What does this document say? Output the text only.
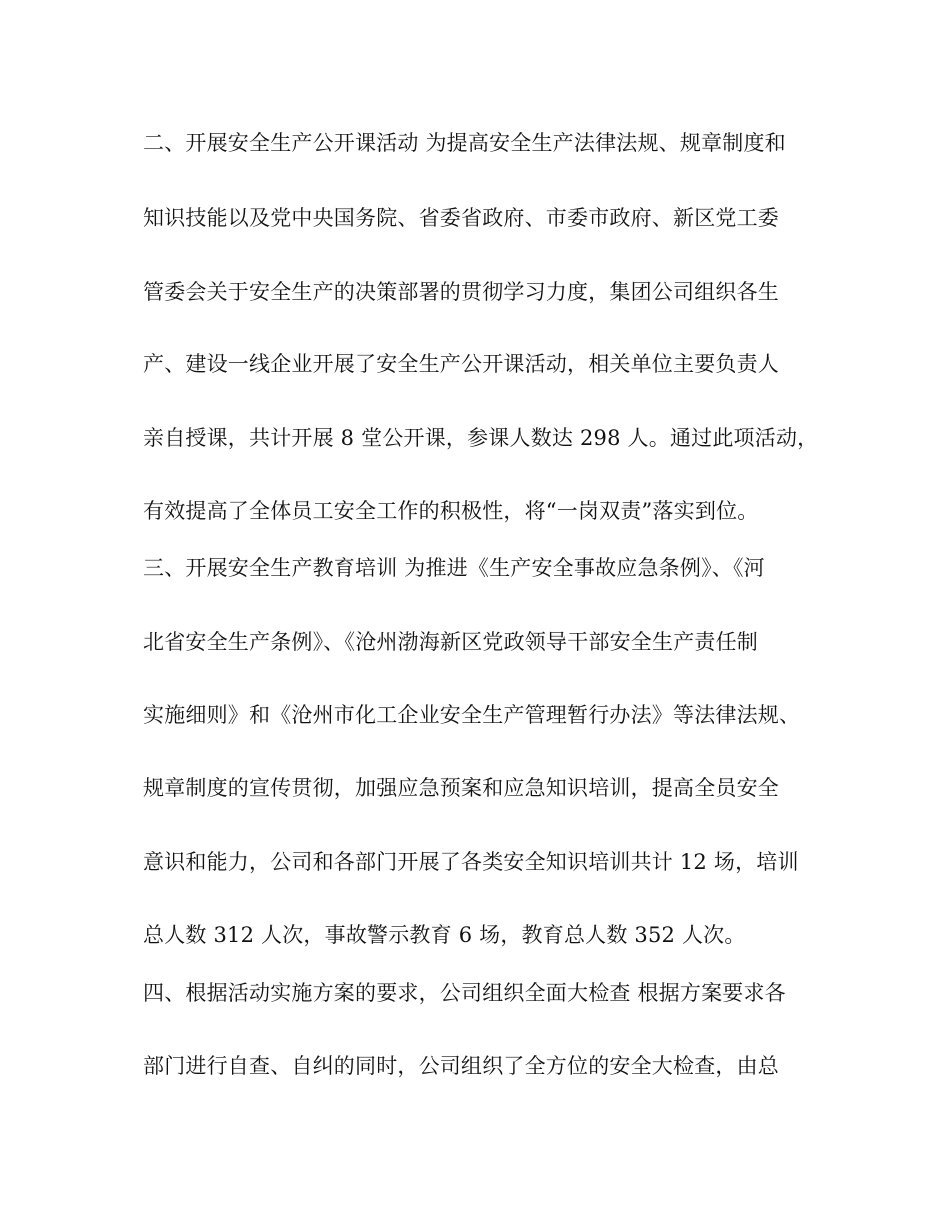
二、开展安全生产公开课活动 为提高安全生产法律法规、规章制度和
知识技能以及党中央国务院、省委省政府、市委市政府、新区党工委
管委会关于安全生产的决策部署的贯彻学习力度，集团公司组织各生
产、建设一线企业开展了安全生产公开课活动，相关单位主要负责人
亲自授课，共计开展 8 堂公开课，参课人数达 298 人。通过此项活动，
有效提高了全体员工安全工作的积极性，将“一岗双责”落实到位。
三、开展安全生产教育培训 为推进《生产安全事故应急条例》、《河
北省安全生产条例》、《沧州渤海新区党政领导干部安全生产责任制
实施细则》和《沧州市化工企业安全生产管理暂行办法》等法律法规、
规章制度的宣传贯彻，加强应急预案和应急知识培训，提高全员安全
意识和能力，公司和各部门开展了各类安全知识培训共计 12 场，培训
总人数 312 人次，事故警示教育 6 场，教育总人数 352 人次。
四、根据活动实施方案的要求，公司组织全面大检查 根据方案要求各
部门进行自查、自纠的同时，公司组织了全方位的安全大检查，由总
